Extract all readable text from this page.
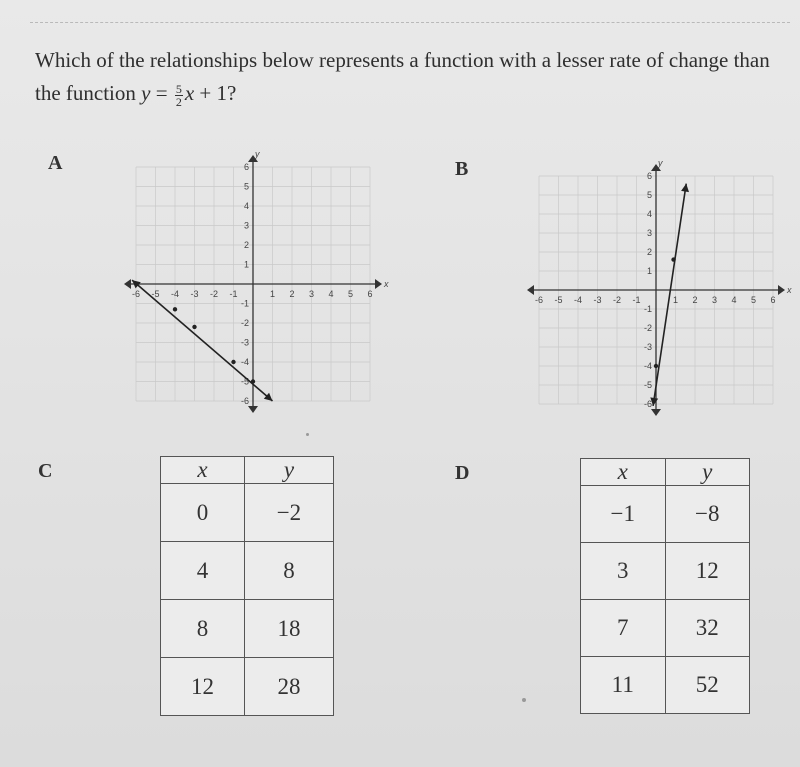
Which of the relationships below represents a function with a lesser rate of change than the function $y = \frac{5}{2}$ x + 1?
A	B
C	D
x
y
-6
-6
-5
-5
-4
-4
-3
-3
-2
-2
-1
-1
1
1
2
2
3
3
4
4
5
5
6
6
x
y
-6
-6
-5
-5
-4
-4
-3
-3
-2
-2
-1
-1
1
1
2
2
3
3
4
4
5
5
6
6
x	y
0	−2
4	8
8	18
12	28
x	y
−1	−8
3	12
7	32
11	52
